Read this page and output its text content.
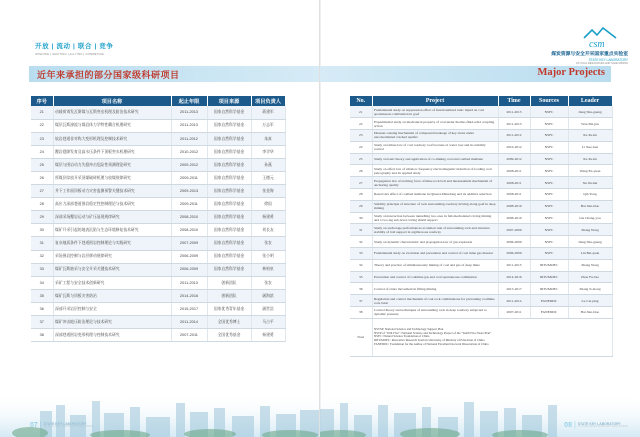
开放 | 流动 | 联合 | 竞争
OPENING | SHIFTING | ALLYING | COMPETING
近年来承担的部分国家级科研项目
序号	项目名称	起止年限	项目来源	项目负责人
21	动载荷诱发瓦斯煤与瓦斯突出机理及防治技术研究	2011-2013	国家自然科学基金	蒋建军
22	煤层瓦斯渗流与煤岩体力学特性耦合机理研究	2011-2013	国家自然科学基金	万志军
23	软岩巷道非对称大变形机理及控制技术研究	2011-2012	国家自然科学基金	朱真
24	覆岩裂隙发育及高水压条件下顶板突水机理研究	2010-2012	国家自然科学基金	李学华
25	煤层与围岩动力失稳冲击危险性预测理论研究	2009-2012	国家自然科学基金	孙燕
26	厚煤层综放开采顶煤破碎机理与放煤规律研究	2009-2011	国家自然科学基金	王德元
27	井下工作面顶板动力灾害监测预警关键技术研究	2009-2013	国家自然科学基金	张金海
28	高应力深部巷道围岩稳定性控制理论与技术研究	2009-2011	国家自然科学基金	徐国
29	深部采场覆岩运动与矿压显现规律研究	2008-2010	国家自然科学基金	杨建勇
30	煤矿开采引起的地表沉陷与生态环境修复技术研究	2008-2010	国家自然科学基金	刘长友
31	复杂地质条件下巷道围岩控制理论与实践研究	2007-2009	国家自然科学基金	张农
32	采场围岩控制与岩层移动规律研究	2006-2009	国家自然科学基金	张小明
33	煤矿瓦斯抽采与安全开采关键技术研究	2006-2009	国家自然科学基金	林柏泉
34	采矿工程与安全技术创新研究	2011-2013	创新团队	张农
35	煤矿瓦斯与顶板灾害防治	2014-2016	创新团队	屠海滨
36	深部开采岩层控制与安全	2015-2017	国家优秀青年基金	屠世浩
37	煤矿冲击地压防治理论与技术研究	2011-2014	全国优秀博士	马占平
38	深部巷道围岩变形机理与控制技术研究	2007-2011	全国优秀基金	杨建勇
csm
煤炭资源与安全开采国家重点实验室
STATE KEY LABORATORY
OF COAL RESOURCES AND SAFE MINING
Major Projects
No.	Project	Time	Sources	Leader
21	Fundamental study on suppression effect of functionalized ionic liquid on coal spontaneous combustion in goaf	2011-2013	NSFC	Jiang Shu-guang
22	Experimental study on mechanical property of coal under thermo-fluid-solid coupling action	2011-2013	NSFC	Wan Zhi-jun
23	Disaster-causing mechanism of compound breakage of key strata under unconsolidated cracked aquifer	2011-2012	NSFC	Xu Jia-lin
24	Study on failure law of coal roadway roof because of water loss and its stability control	2010-2012	NSFC	Li Xue-hua
25	Study on basic theory and application of co-mining coal and coalbed methane	2009-2012	NSFC	Xu Jia-lin
26	Study on effect law of ultralow frequency electromagnetic induction of loading coal petrography and its applied study	2008-2011	NSFC	Wang En-yuan
27	Propagation law of exciting force of mine rock bolt and measurement mechanism of anchoring quality	2008-2011	NSFC	Xu Jin-hai
28	Reservoirs effect of coalbed methane in Qinwei-Dinudong and its additive selection	2008-2011	NSFC	Qin Yong
29	Stability principle of structure of rock surrounding roadway driving along goaf in deep mining	2008-2010	NSFC	Bai Jian-biao
30	Study on interaction between tunnelling two-area in full-mechanized caving mining and a two-leg sub-level caving shield support	2008-2010	NSFC	Liu Chang-you
31	Study on anchorage performances evolution rule of surrounding rock and structure stability of bolt support in argillaceous roadway	2007-2009	NSFC	Zhang Nong
32	Study on dynamic characteristic and propagation law of gas explosion	2006-2009	NSFC	Jiang Shu-guang
33	Fundamental study on evolution and prevention and control of coal mine gas disaster	2006-2009	NSFC	Lin Bai-quan
34	Theory and practice of simultaneously mining of coal and gas of deep mine	2011-2013	IRTUMOEC	Zhang Nong
35	Prevention and control of coalmine gas and coal spontaneous combustion	2014-2016	IRTUMOEC	Zhou Fu-bao
36	Control of strata movement in filling mining	2015-2017	IRTUMOEC	Zhang Ji-xiong
37	Regulation and control mechanism of coal rock combinations for preventing coalmine rock burst	2011-2014	FANEDDC	Lu Cai-ping
38	Control theory and techniques of surrounding rock in deep roadway subjected to dynamic pressure	2007-2011	FANEDDC	Bai Jian-biao
Note	NSTSP: National Science and Technology Support Plan
NSTP of "10th Five": National Science and Technology Project of the "Tenth Five-Years Plan"
NSFC: Natural Science Foundation of China
IRTUMOEC: Innovative Research Team in University of Ministry of Education of China
FANEDDC: Foundation for the Author of National Excellent Doctoral Dissertation of China			
